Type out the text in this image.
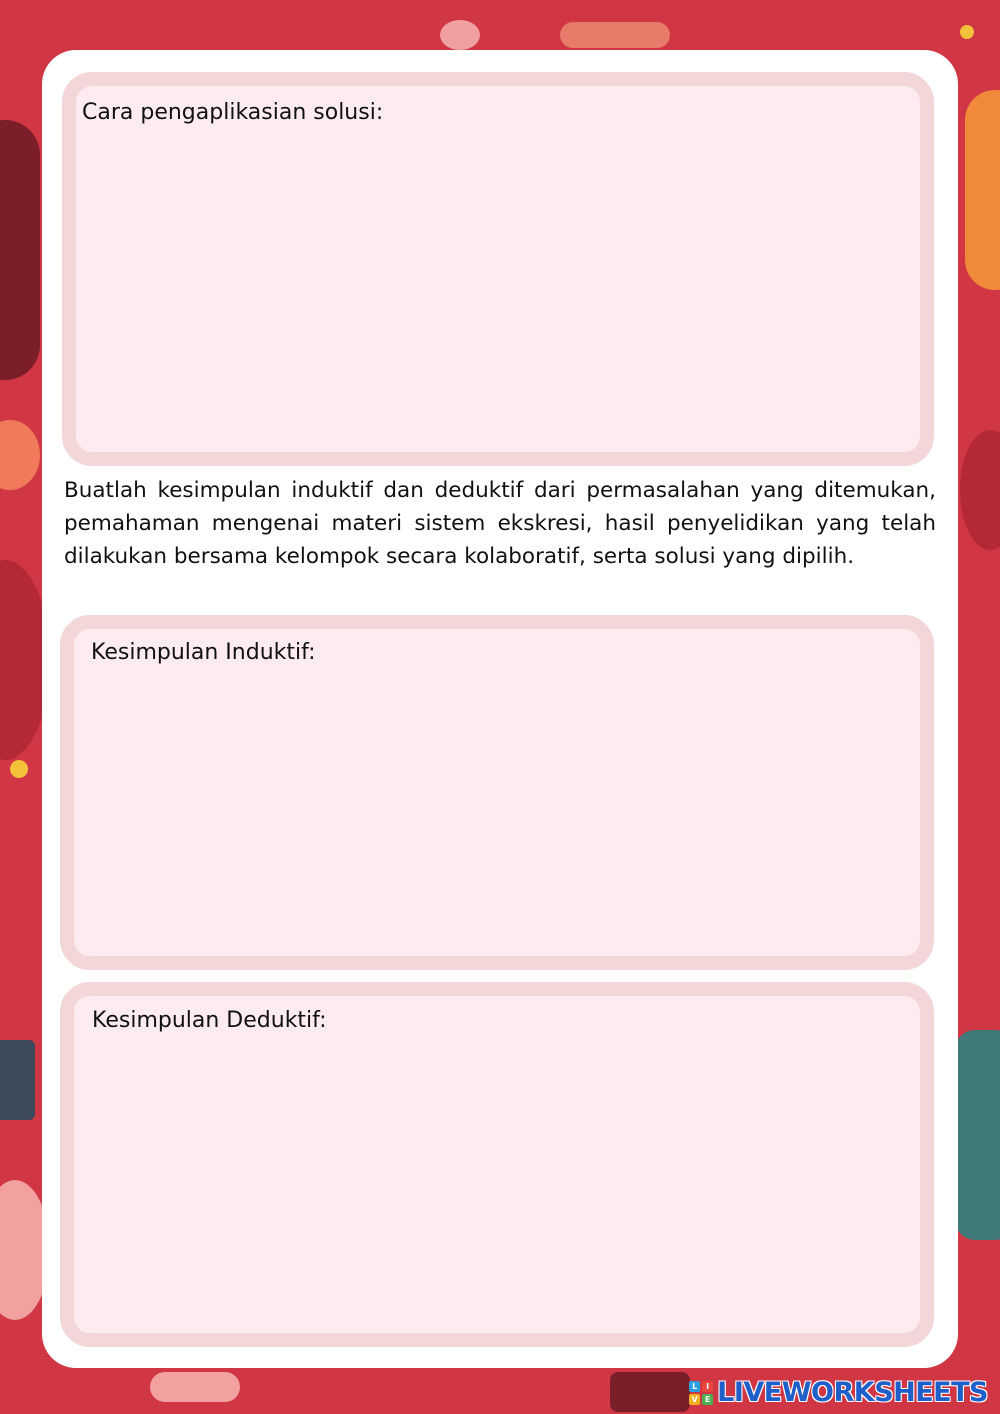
Cara pengaplikasian solusi:

Buatlah kesimpulan induktif dan deduktif dari permasalahan yang ditemukan, pemahaman mengenai materi sistem ekskresi, hasil penyelidikan yang telah dilakukan bersama kelompok secara kolaboratif, serta solusi yang dipilih.

Kesimpulan Induktif:
Kesimpulan Deduktif:
L	I
V E LIVEWORKSHEETS
